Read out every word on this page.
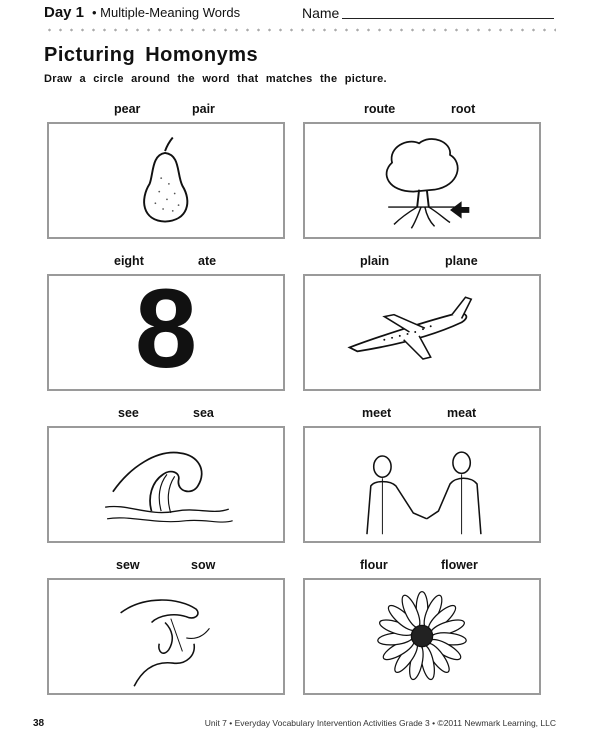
Day 1 • Multiple-Meaning Words	Name
Picturing Homonyms
Draw a circle around the word that matches the picture.
pear	pair	route	root
eight	ate	plain	plane
8
see	sea	meet	meat
sew	sow	flour	flower
38	Unit 7 • Everyday Vocabulary Intervention Activities Grade 3 • ©2011 Newmark Learning, LLC
